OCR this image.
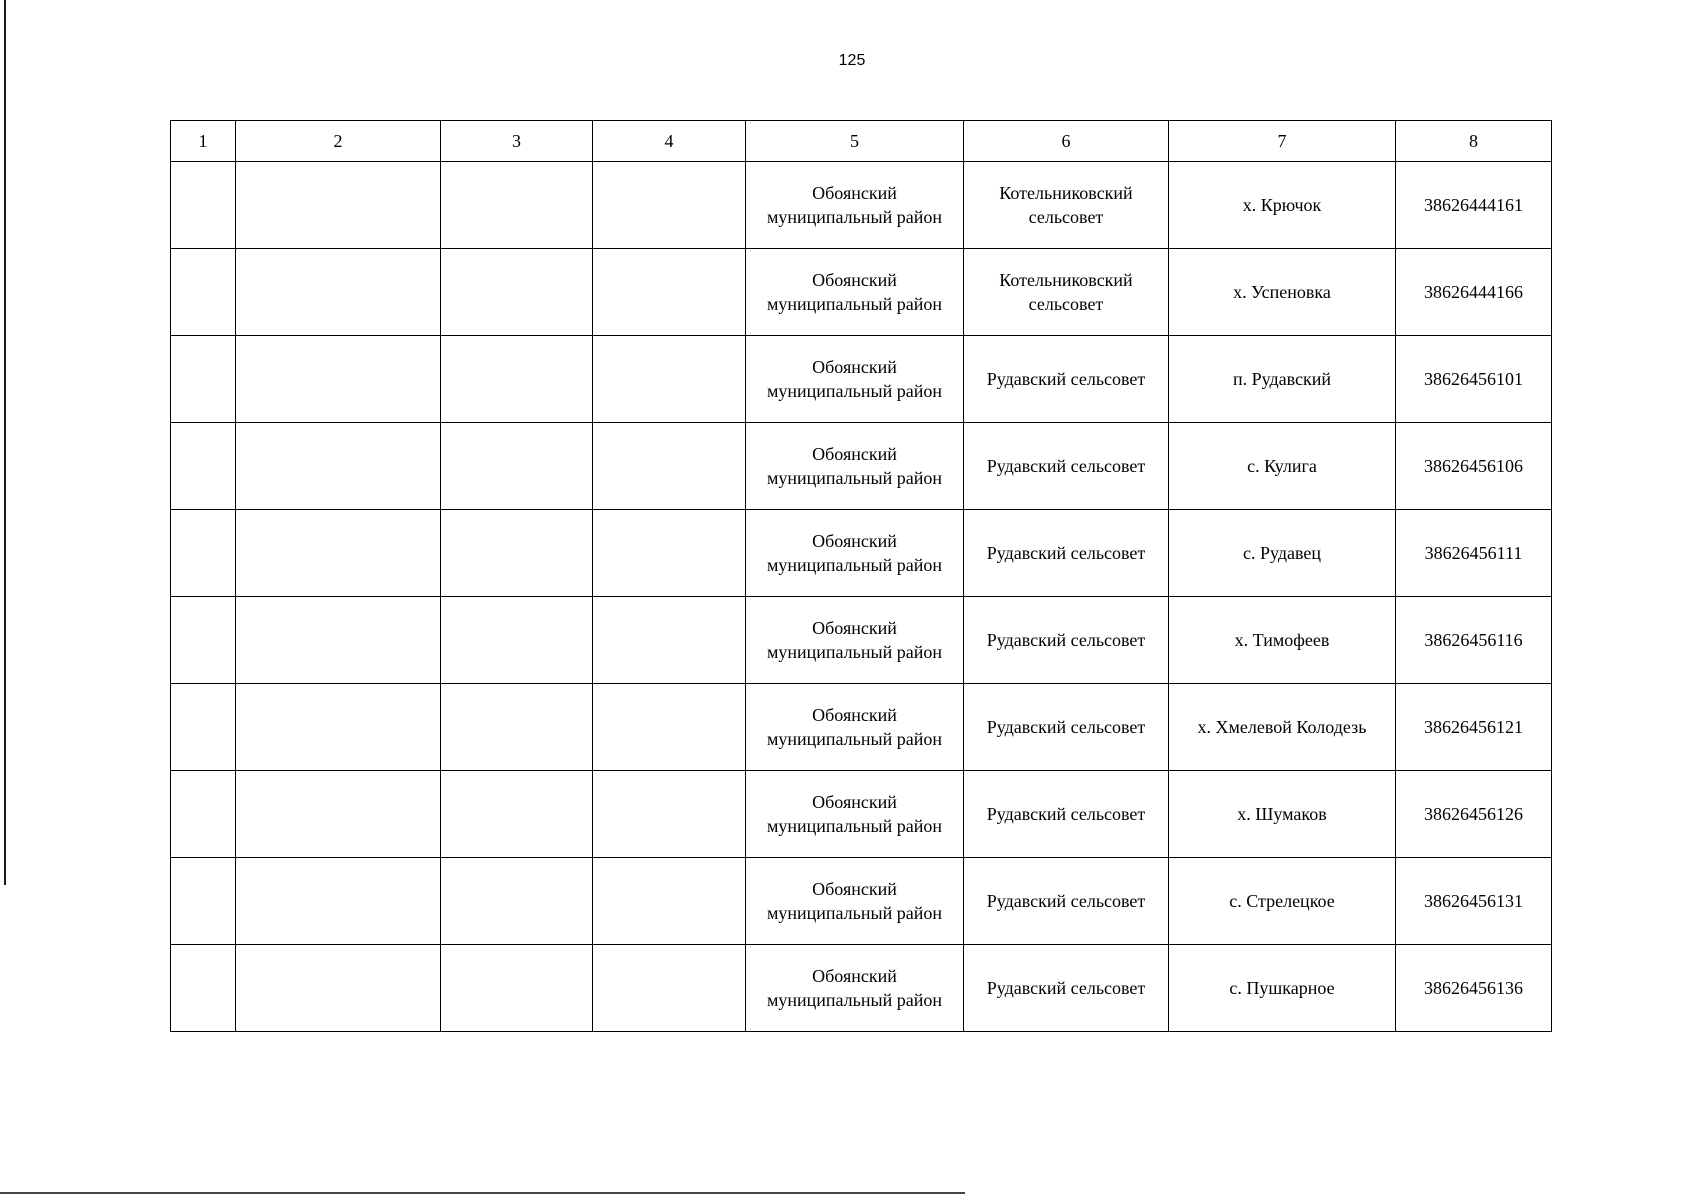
125
1	2	3	4	5	6	7	8
				Обоянский муниципальный район	Котельниковский сельсовет	х. Крючок	38626444161
				Обоянский муниципальный район	Котельниковский сельсовет	х. Успеновка	38626444166
				Обоянский муниципальный район	Рудавский сельсовет	п. Рудавский	38626456101
				Обоянский муниципальный район	Рудавский сельсовет	с. Кулига	38626456106
				Обоянский муниципальный район	Рудавский сельсовет	с. Рудавец	38626456111
				Обоянский муниципальный район	Рудавский сельсовет	х. Тимофеев	38626456116
				Обоянский муниципальный район	Рудавский сельсовет	х. Хмелевой Колодезь	38626456121
				Обоянский муниципальный район	Рудавский сельсовет	х. Шумаков	38626456126
				Обоянский муниципальный район	Рудавский сельсовет	с. Стрелецкое	38626456131
				Обоянский муниципальный район	Рудавский сельсовет	с. Пушкарное	38626456136
